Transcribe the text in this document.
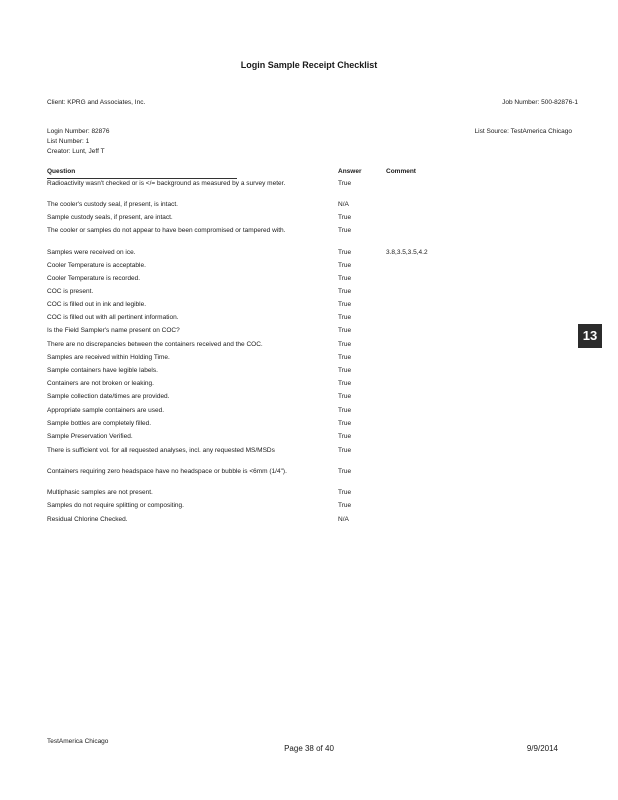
Login Sample Receipt Checklist
Client: KPRG and Associates, Inc.	Job Number: 500-82876-1
Login Number: 82876
List Number: 1
Creator: Lunt, Jeff T
List Source: TestAmerica Chicago
Question	Answer	Comment
Radioactivity wasn't checked or is </= background as measured by a survey meter.	True
The cooler's custody seal, if present, is intact.	N/A
Sample custody seals, if present, are intact.	True
The cooler or samples do not appear to have been compromised or tampered with.	True
Samples were received on ice.	True	3.8,3.5,3.5,4.2
Cooler Temperature is acceptable.	True
Cooler Temperature is recorded.	True
COC is present.	True
COC is filled out in ink and legible.	True
COC is filled out with all pertinent information.	True
Is the Field Sampler's name present on COC?	True
There are no discrepancies between the containers received and the COC.	True
Samples are received within Holding Time.	True
Sample containers have legible labels.	True
Containers are not broken or leaking.	True
Sample collection date/times are provided.	True
Appropriate sample containers are used.	True
Sample bottles are completely filled.	True
Sample Preservation Verified.	True
There is sufficient vol. for all requested analyses, incl. any requested MS/MSDs	True
Containers requiring zero headspace have no headspace or bubble is <6mm (1/4").	True
Multiphasic samples are not present.	True
Samples do not require splitting or compositing.	True
Residual Chlorine Checked.	N/A
13
TestAmerica Chicago
Page 38 of 40	9/9/2014
